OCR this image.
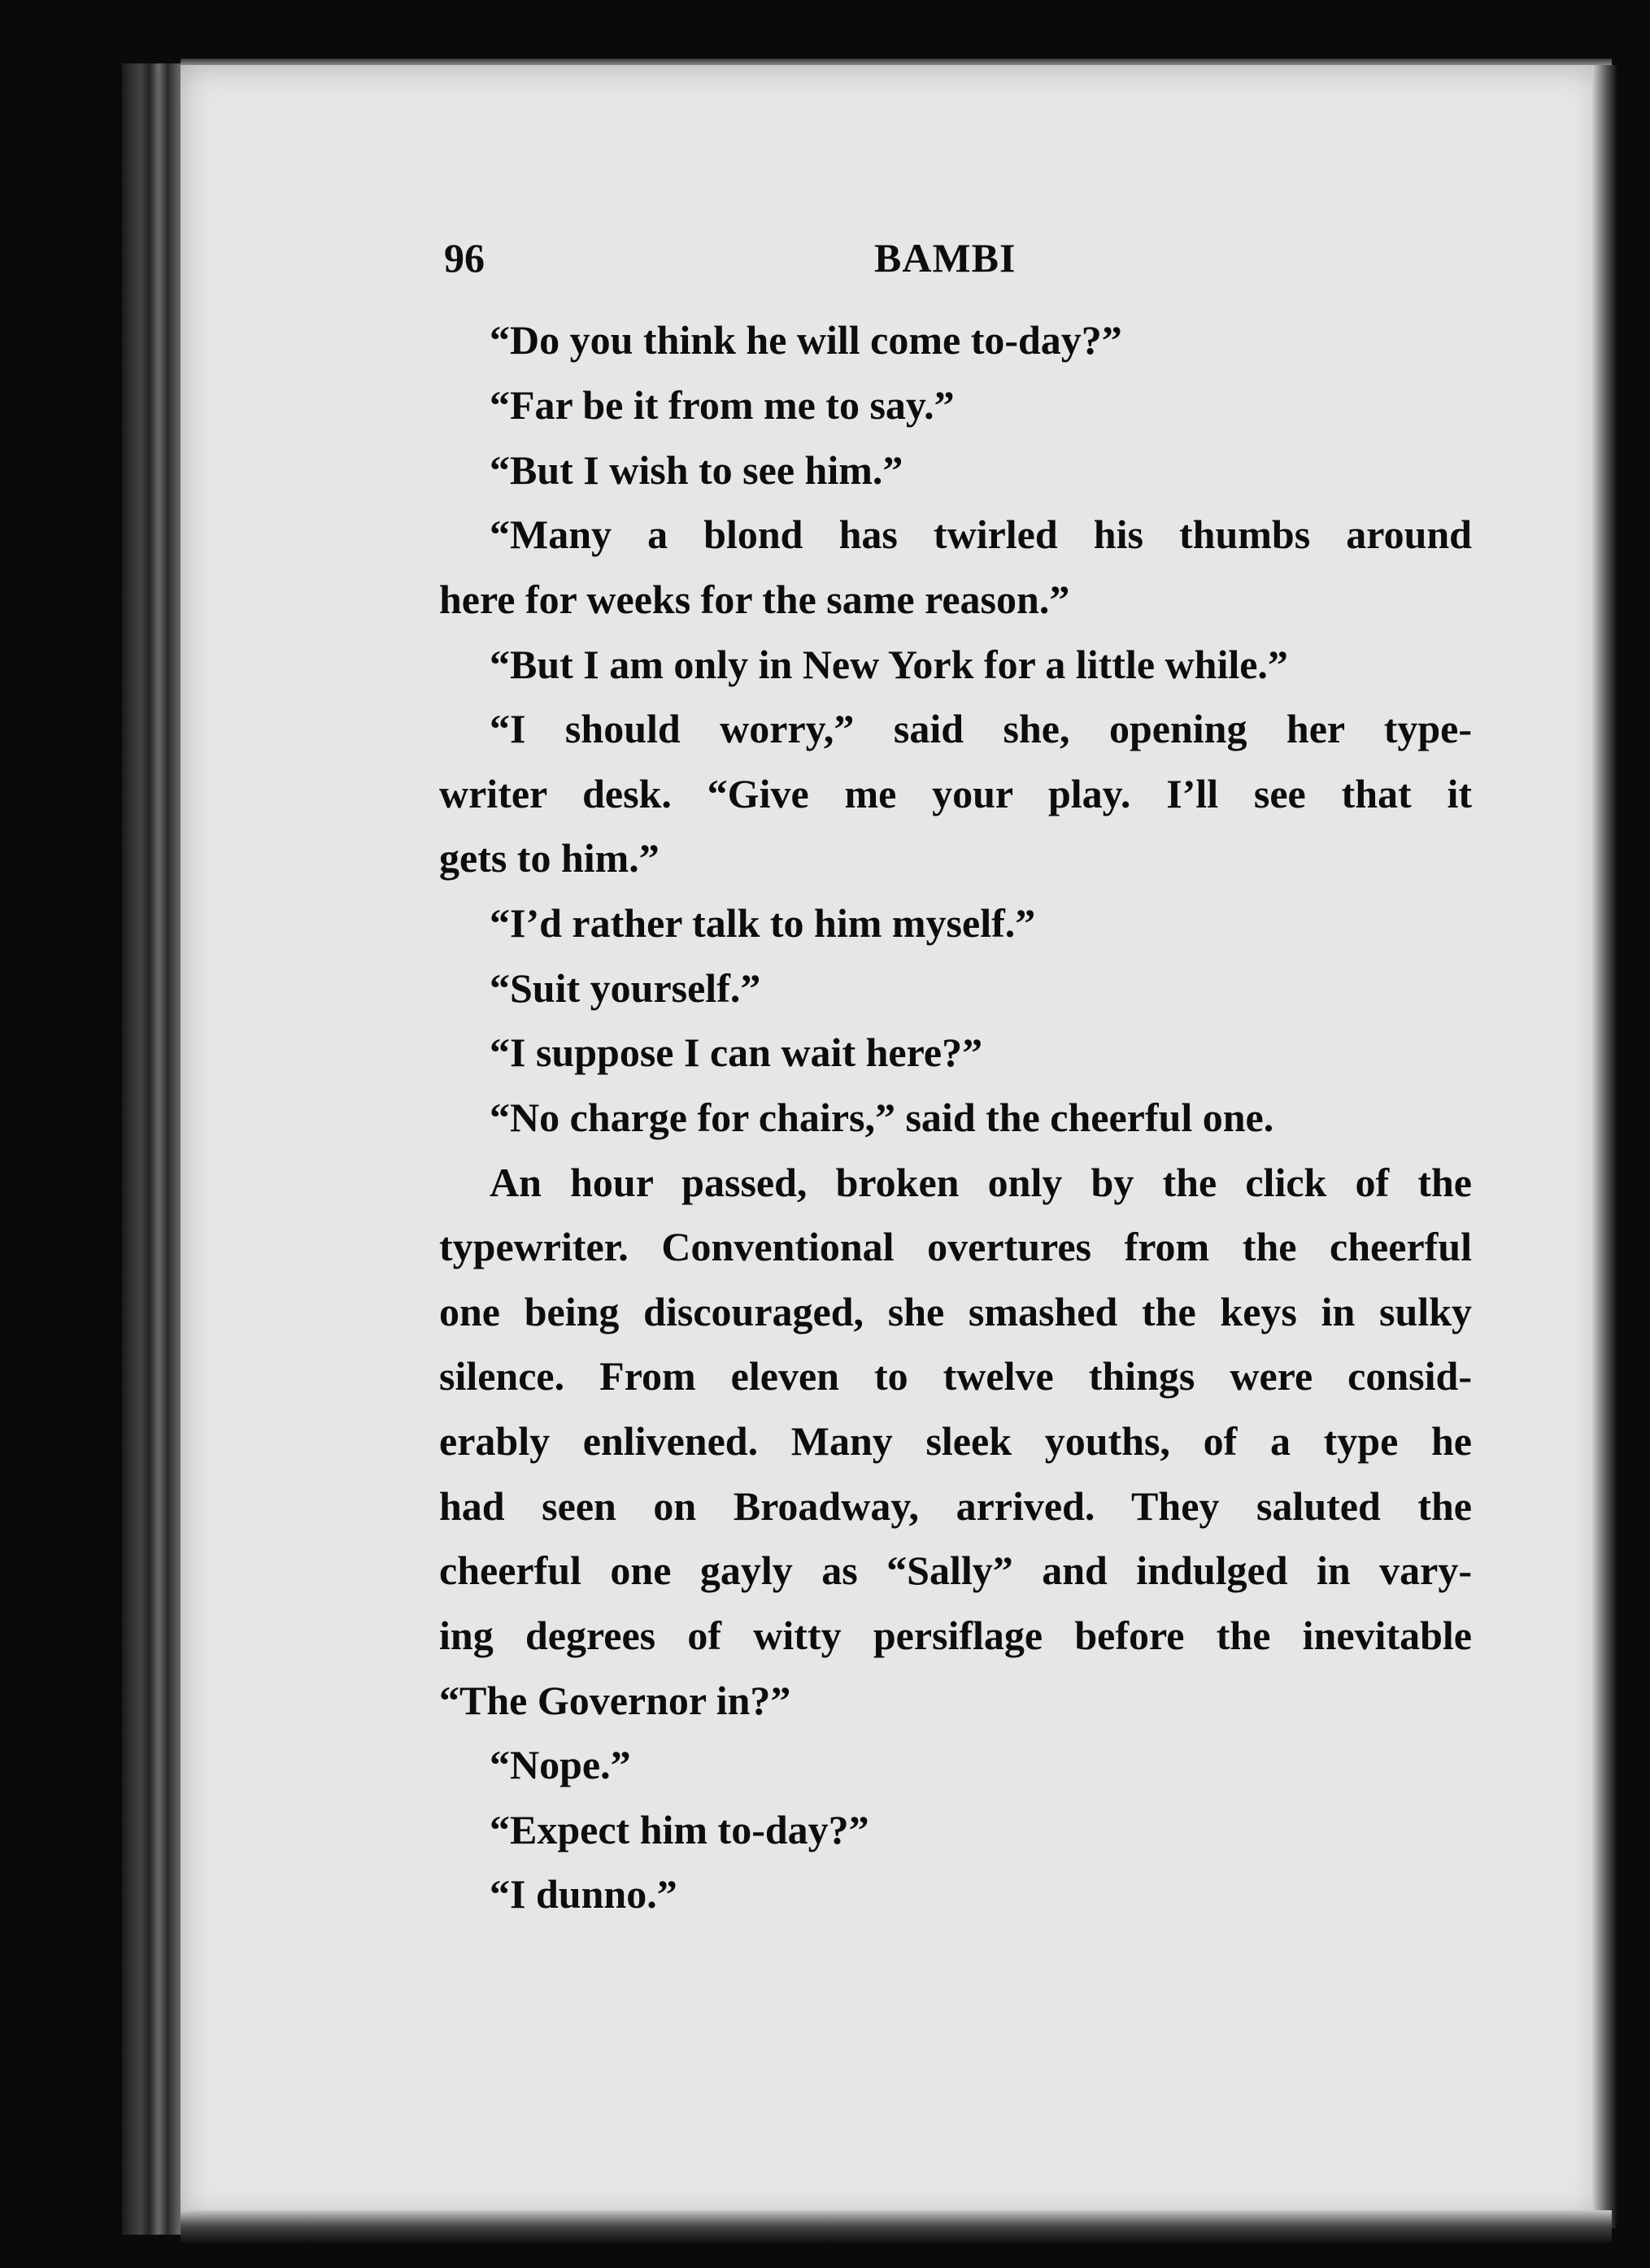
96	BAMBI
“Do you think he will come to-day?”
“Far be it from me to say.”
“But I wish to see him.”
“Many a blond has twirled his thumbs around
here for weeks for the same reason.”
“But I am only in New York for a little while.”
“I should worry,” said she, opening her type-
writer desk. “Give me your play. I’ll see that it
gets to him.”
“I’d rather talk to him myself.”
“Suit yourself.”
“I suppose I can wait here?”
“No charge for chairs,” said the cheerful one.
An hour passed, broken only by the click of the
typewriter. Conventional overtures from the cheerful
one being discouraged, she smashed the keys in sulky
silence. From eleven to twelve things were consid-
erably enlivened. Many sleek youths, of a type he
had seen on Broadway, arrived. They saluted the
cheerful one gayly as “Sally” and indulged in vary-
ing degrees of witty persiflage before the inevitable
“The Governor in?”
“Nope.”
“Expect him to-day?”
“I dunno.”
